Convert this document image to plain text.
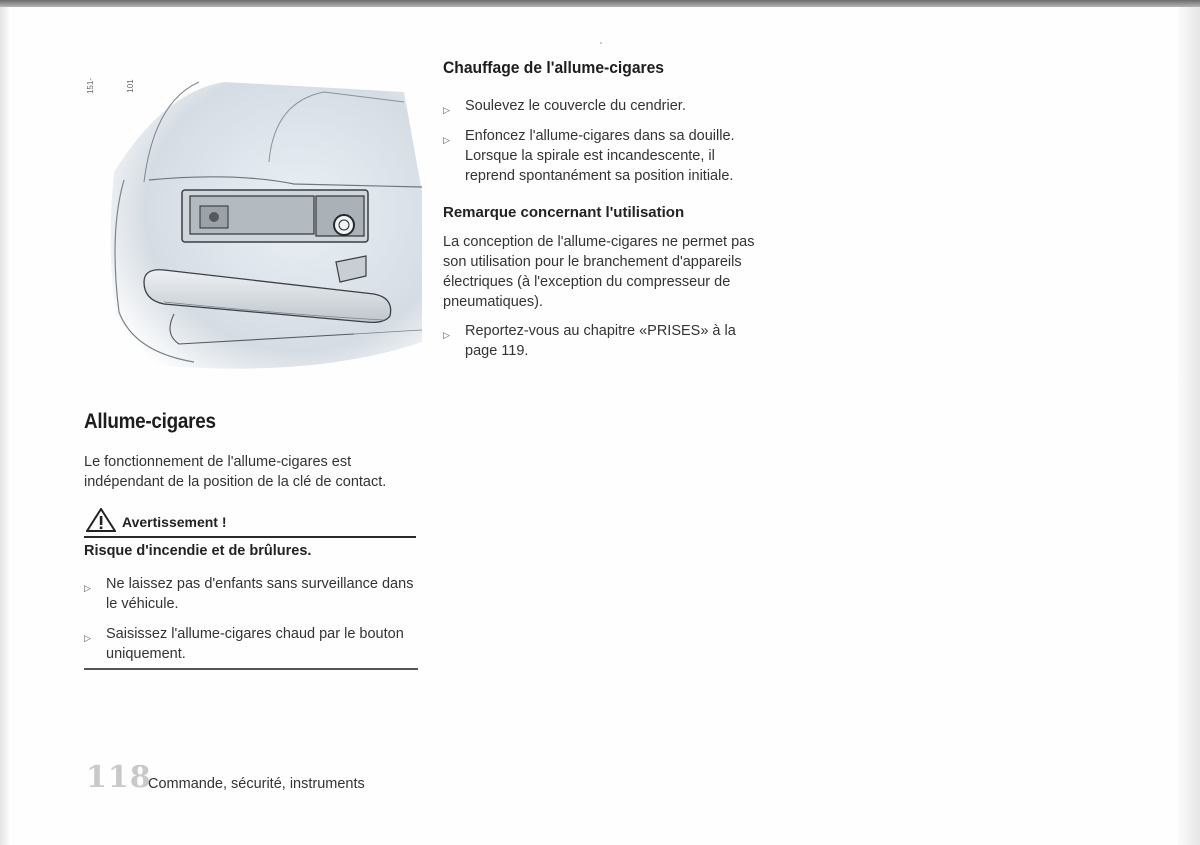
151-101
Allume-cigares
Le fonctionnement de l'allume-cigares est indépendant de la position de la clé de contact.
Avertissement !
Risque d'incendie et de brûlures.
▷	Ne laissez pas d'enfants sans surveillance dans le véhicule.
▷	Saisissez l'allume-cigares chaud par le bouton uniquement.
118
Commande, sécurité, instruments
Chauffage de l'allume-cigares
▷	Soulevez le couvercle du cendrier.
▷	Enfoncez l'allume-cigares dans sa douille. Lorsque la spirale est incandescente, il reprend spontanément sa position initiale.
Remarque concernant l'utilisation
La conception de l'allume-cigares ne permet pas son utilisation pour le branchement d'appareils électriques (à l'exception du compresseur de pneumatiques).
▷	Reportez-vous au chapitre «PRISES» à la page 119.
